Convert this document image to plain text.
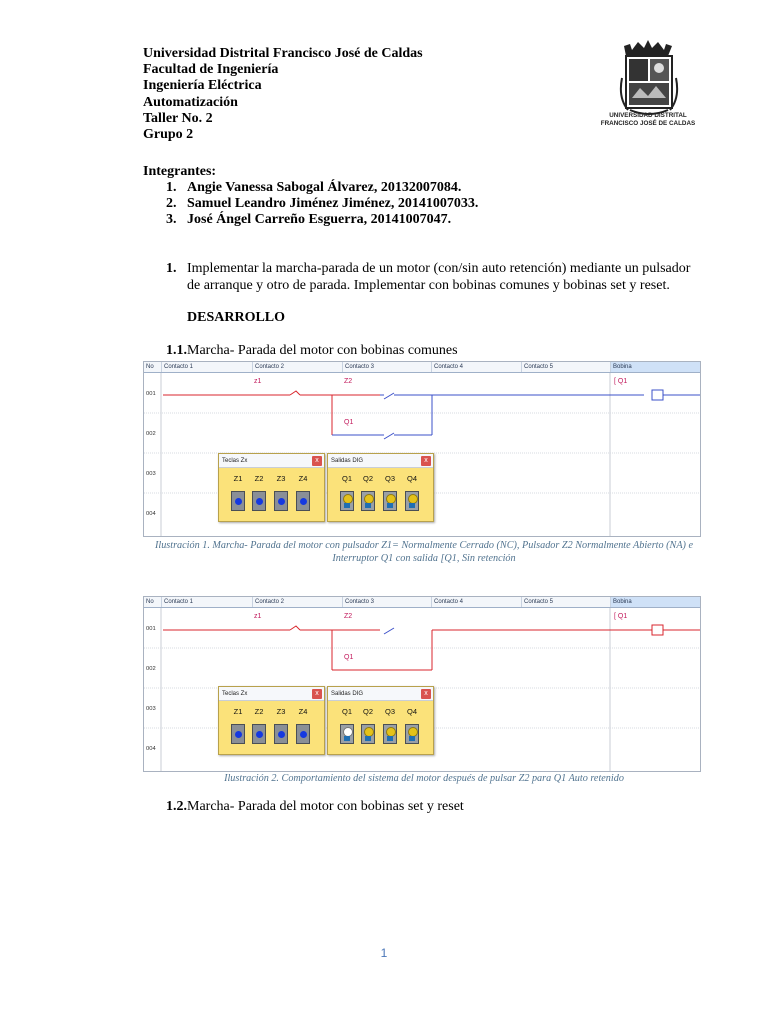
Universidad Distrital Francisco José de Caldas
Facultad de Ingeniería
Ingeniería Eléctrica
Automatización
Taller No. 2
Grupo 2
UNIVERSIDAD DISTRITAL
FRANCISCO JOSÉ DE CALDAS
Integrantes:
1. Angie Vanessa Sabogal Álvarez, 20132007084.
2. Samuel Leandro Jiménez Jiménez, 20141007033.
3. José Ángel Carreño Esguerra, 20141007047.
1. Implementar la marcha-parada de un motor (con/sin auto retención) mediante un pulsador de arranque y otro de parada. Implementar con bobinas comunes y bobinas set y reset.
DESARROLLO
1.1.Marcha- Parada del motor con bobinas comunes
No	Contacto 1	Contacto 2	Contacto 3	Contacto 4	Contacto 5	Bobina
001
002
003
004
z1	Z2
Q1
[ Q1
Teclas Zx	x
Z1	Z2	Z3	Z4
Salidas DIG	x
Q1	Q2	Q3	Q4
Ilustración 1. Marcha- Parada del motor con pulsador Z1= Normalmente Cerrado (NC), Pulsador Z2 Normalmente Abierto (NA) e Interruptor Q1 con salida [Q1, Sin retención
No	Contacto 1	Contacto 2	Contacto 3	Contacto 4	Contacto 5	Bobina
001
002
003
004
z1	Z2
Q1
[ Q1
Teclas Zx	x
Z1	Z2	Z3	Z4
Salidas DIG	x
Q1	Q2	Q3	Q4
Ilustración 2. Comportamiento del sistema del motor después de pulsar Z2 para Q1 Auto retenido
1.2.Marcha- Parada del motor con bobinas set y reset
1
